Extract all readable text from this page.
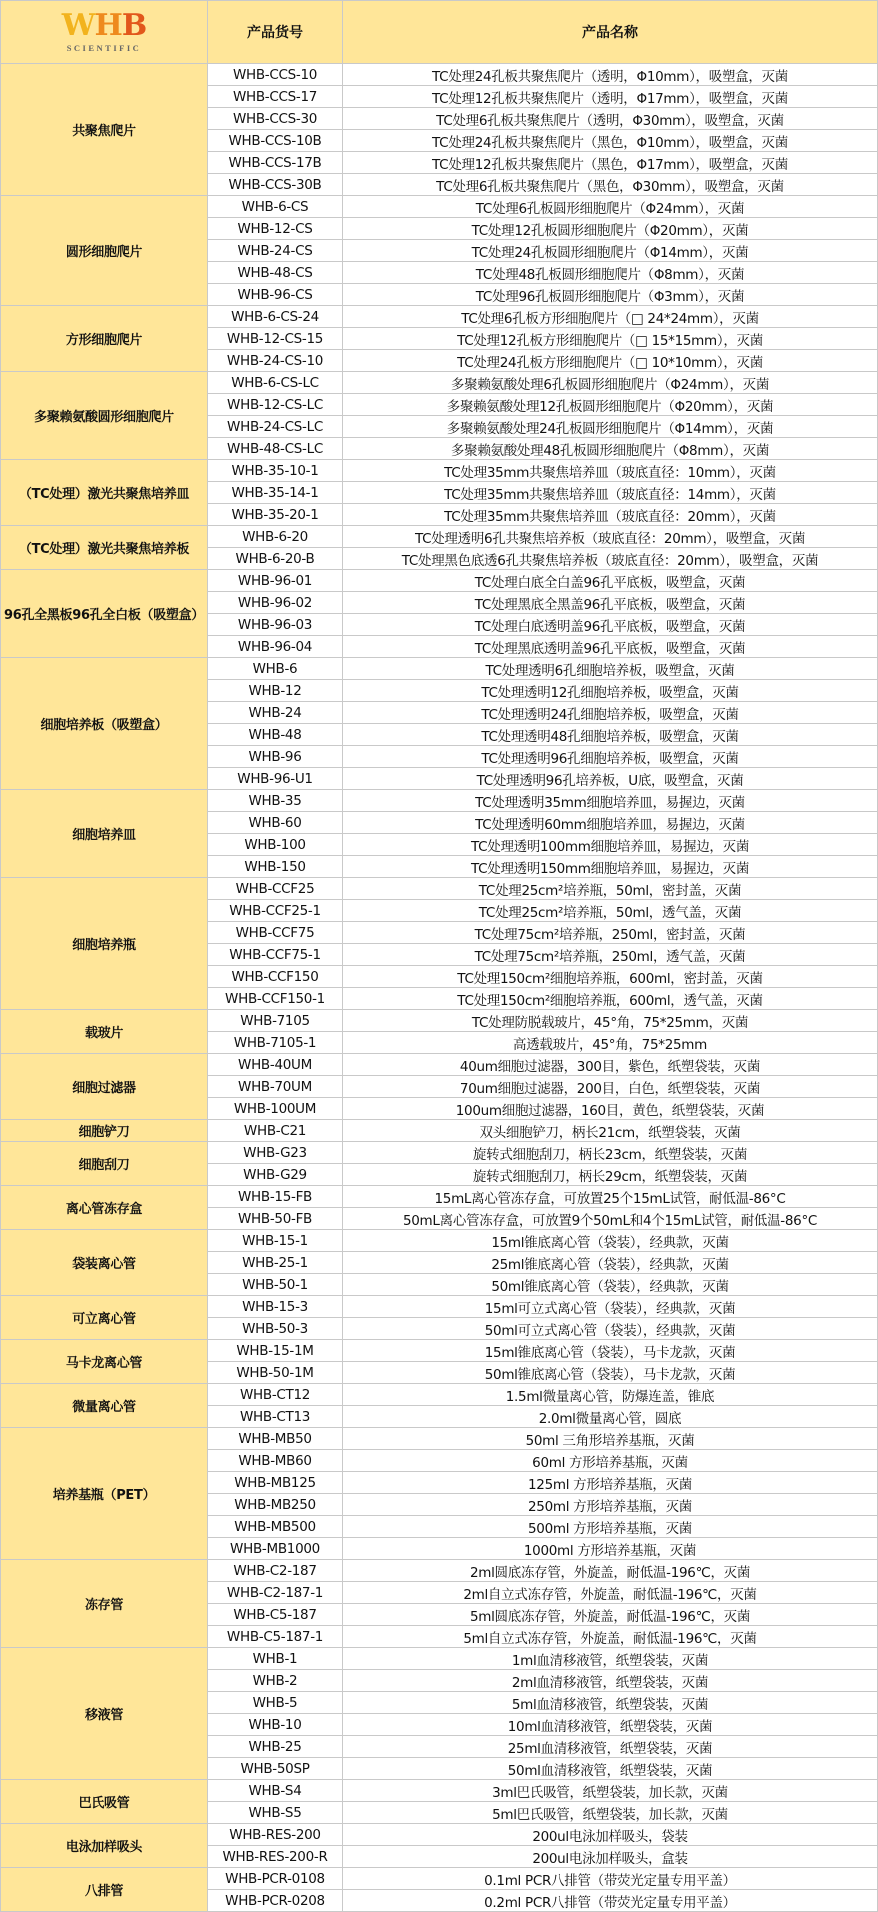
WHB
SCIENTIFIC	产品货号	产品名称
共聚焦爬片	WHB-CCS-10	TC处理24孔板共聚焦爬片（透明，Φ10mm），吸塑盒，灭菌
	WHB-CCS-17	TC处理12孔板共聚焦爬片（透明，Φ17mm），吸塑盒，灭菌
	WHB-CCS-30	TC处理6孔板共聚焦爬片（透明，Φ30mm），吸塑盒，灭菌
	WHB-CCS-10B	TC处理24孔板共聚焦爬片（黑色，Φ10mm），吸塑盒，灭菌
	WHB-CCS-17B	TC处理12孔板共聚焦爬片（黑色，Φ17mm），吸塑盒，灭菌
	WHB-CCS-30B	TC处理6孔板共聚焦爬片（黑色，Φ30mm），吸塑盒，灭菌
圆形细胞爬片	WHB-6-CS	TC处理6孔板圆形细胞爬片（Φ24mm），灭菌
	WHB-12-CS	TC处理12孔板圆形细胞爬片（Φ20mm），灭菌
	WHB-24-CS	TC处理24孔板圆形细胞爬片（Φ14mm），灭菌
	WHB-48-CS	TC处理48孔板圆形细胞爬片（Φ8mm），灭菌
	WHB-96-CS	TC处理96孔板圆形细胞爬片（Φ3mm），灭菌
方形细胞爬片	WHB-6-CS-24	TC处理6孔板方形细胞爬片（□ 24*24mm），灭菌
	WHB-12-CS-15	TC处理12孔板方形细胞爬片（□ 15*15mm），灭菌
	WHB-24-CS-10	TC处理24孔板方形细胞爬片（□ 10*10mm），灭菌
多聚赖氨酸圆形细胞爬片	WHB-6-CS-LC	多聚赖氨酸处理6孔板圆形细胞爬片（Φ24mm），灭菌
	WHB-12-CS-LC	多聚赖氨酸处理12孔板圆形细胞爬片（Φ20mm），灭菌
	WHB-24-CS-LC	多聚赖氨酸处理24孔板圆形细胞爬片（Φ14mm），灭菌
	WHB-48-CS-LC	多聚赖氨酸处理48孔板圆形细胞爬片（Φ8mm），灭菌
（TC处理）激光共聚焦培养皿	WHB-35-10-1	TC处理35mm共聚焦培养皿（玻底直径：10mm），灭菌
	WHB-35-14-1	TC处理35mm共聚焦培养皿（玻底直径：14mm），灭菌
	WHB-35-20-1	TC处理35mm共聚焦培养皿（玻底直径：20mm），灭菌
（TC处理）激光共聚焦培养板	WHB-6-20	TC处理透明6孔共聚焦培养板（玻底直径：20mm），吸塑盒，灭菌
	WHB-6-20-B	TC处理黑色底透6孔共聚焦培养板（玻底直径：20mm），吸塑盒，灭菌
96孔全黑板96孔全白板（吸塑盒）	WHB-96-01	TC处理白底全白盖96孔平底板，吸塑盒，灭菌
	WHB-96-02	TC处理黑底全黑盖96孔平底板，吸塑盒，灭菌
	WHB-96-03	TC处理白底透明盖96孔平底板，吸塑盒，灭菌
	WHB-96-04	TC处理黑底透明盖96孔平底板，吸塑盒，灭菌
细胞培养板（吸塑盒）	WHB-6	TC处理透明6孔细胞培养板，吸塑盒，灭菌
	WHB-12	TC处理透明12孔细胞培养板，吸塑盒，灭菌
	WHB-24	TC处理透明24孔细胞培养板，吸塑盒，灭菌
	WHB-48	TC处理透明48孔细胞培养板，吸塑盒，灭菌
	WHB-96	TC处理透明96孔细胞培养板，吸塑盒，灭菌
	WHB-96-U1	TC处理透明96孔培养板，U底，吸塑盒，灭菌
细胞培养皿	WHB-35	TC处理透明35mm细胞培养皿，易握边，灭菌
	WHB-60	TC处理透明60mm细胞培养皿，易握边，灭菌
	WHB-100	TC处理透明100mm细胞培养皿，易握边，灭菌
	WHB-150	TC处理透明150mm细胞培养皿，易握边，灭菌
细胞培养瓶	WHB-CCF25	TC处理25cm²培养瓶，50ml，密封盖，灭菌
	WHB-CCF25-1	TC处理25cm²培养瓶，50ml，透气盖，灭菌
	WHB-CCF75	TC处理75cm²培养瓶，250ml，密封盖，灭菌
	WHB-CCF75-1	TC处理75cm²培养瓶，250ml，透气盖，灭菌
	WHB-CCF150	TC处理150cm²细胞培养瓶，600ml，密封盖，灭菌
	WHB-CCF150-1	TC处理150cm²细胞培养瓶，600ml，透气盖，灭菌
载玻片	WHB-7105	TC处理防脱载玻片，45°角，75*25mm，灭菌
	WHB-7105-1	高透载玻片，45°角，75*25mm
细胞过滤器	WHB-40UM	40um细胞过滤器，300目，紫色，纸塑袋装，灭菌
	WHB-70UM	70um细胞过滤器，200目，白色，纸塑袋装，灭菌
	WHB-100UM	100um细胞过滤器，160目，黄色，纸塑袋装，灭菌
细胞铲刀	WHB-C21	双头细胞铲刀，柄长21cm，纸塑袋装，灭菌
细胞刮刀	WHB-G23	旋转式细胞刮刀，柄长23cm，纸塑袋装，灭菌
	WHB-G29	旋转式细胞刮刀，柄长29cm，纸塑袋装，灭菌
离心管冻存盒	WHB-15-FB	15mL离心管冻存盒，可放置25个15mL试管，耐低温-86°C
	WHB-50-FB	50mL离心管冻存盒，可放置9个50mL和4个15mL试管，耐低温-86°C
袋装离心管	WHB-15-1	15ml锥底离心管（袋装），经典款，灭菌
	WHB-25-1	25ml锥底离心管（袋装），经典款，灭菌
	WHB-50-1	50ml锥底离心管（袋装），经典款，灭菌
可立离心管	WHB-15-3	15ml可立式离心管（袋装），经典款，灭菌
	WHB-50-3	50ml可立式离心管（袋装），经典款，灭菌
马卡龙离心管	WHB-15-1M	15ml锥底离心管（袋装），马卡龙款，灭菌
	WHB-50-1M	50ml锥底离心管（袋装），马卡龙款，灭菌
微量离心管	WHB-CT12	1.5ml微量离心管，防爆连盖，锥底
	WHB-CT13	2.0ml微量离心管，圆底
培养基瓶（PET）	WHB-MB50	50ml 三角形培养基瓶，灭菌
	WHB-MB60	60ml 方形培养基瓶，灭菌
	WHB-MB125	125ml 方形培养基瓶，灭菌
	WHB-MB250	250ml 方形培养基瓶，灭菌
	WHB-MB500	500ml 方形培养基瓶，灭菌
	WHB-MB1000	1000ml 方形培养基瓶，灭菌
冻存管	WHB-C2-187	2ml圆底冻存管，外旋盖，耐低温-196℃，灭菌
	WHB-C2-187-1	2ml自立式冻存管，外旋盖，耐低温-196℃，灭菌
	WHB-C5-187	5ml圆底冻存管，外旋盖，耐低温-196℃，灭菌
	WHB-C5-187-1	5ml自立式冻存管，外旋盖，耐低温-196℃，灭菌
移液管	WHB-1	1ml血清移液管，纸塑袋装，灭菌
	WHB-2	2ml血清移液管，纸塑袋装，灭菌
	WHB-5	5ml血清移液管，纸塑袋装，灭菌
	WHB-10	10ml血清移液管，纸塑袋装，灭菌
	WHB-25	25ml血清移液管，纸塑袋装，灭菌
	WHB-50SP	50ml血清移液管，纸塑袋装，灭菌
巴氏吸管	WHB-S4	3ml巴氏吸管，纸塑袋装，加长款，灭菌
	WHB-S5	5ml巴氏吸管，纸塑袋装，加长款，灭菌
电泳加样吸头	WHB-RES-200	200ul电泳加样吸头，袋装
	WHB-RES-200-R	200ul电泳加样吸头，盒装
八排管	WHB-PCR-0108	0.1ml PCR八排管（带荧光定量专用平盖）
	WHB-PCR-0208	0.2ml PCR八排管（带荧光定量专用平盖）
